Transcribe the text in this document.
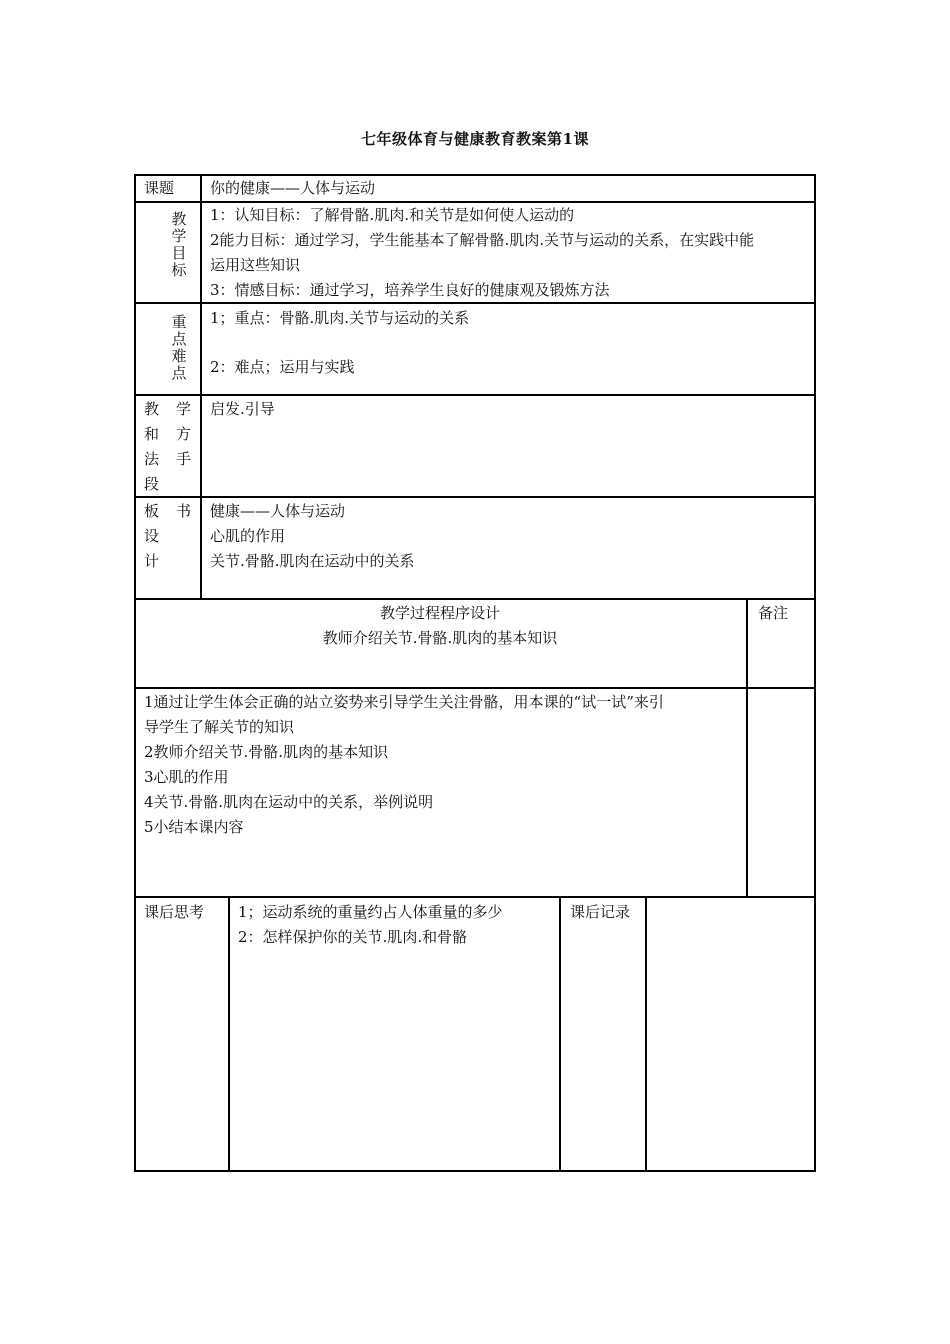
七年级体育与健康教育教案第1课
课题 你的健康——人体与运动
教
学
目
标
1：认知目标：了解骨骼.肌肉.和关节是如何使人运动的
2能力目标：通过学习，学生能基本了解骨骼.肌肉.关节与运动的关系，在实践中能
运用这些知识
3：情感目标：通过学习，培养学生良好的健康观及锻炼方法
重
点
难
点
1；重点：骨骼.肌肉.关节与运动的关系
2：难点；运用与实践
教 学
和 方
法 手
段
启发.引导
板 书
设
计
健康——人体与运动
心肌的作用
关节.骨骼.肌肉在运动中的关系
教学过程程序设计
教师介绍关节.骨骼.肌肉的基本知识
备注
1通过让学生体会正确的站立姿势来引导学生关注骨骼，用本课的“试一试”来引
导学生了解关节的知识
2教师介绍关节.骨骼.肌肉的基本知识
3心肌的作用
4关节.骨骼.肌肉在运动中的关系，举例说明
5小结本课内容
课后思考 1；运动系统的重量约占人体重量的多少
2：怎样保护你的关节.肌肉.和骨骼
课后记录
